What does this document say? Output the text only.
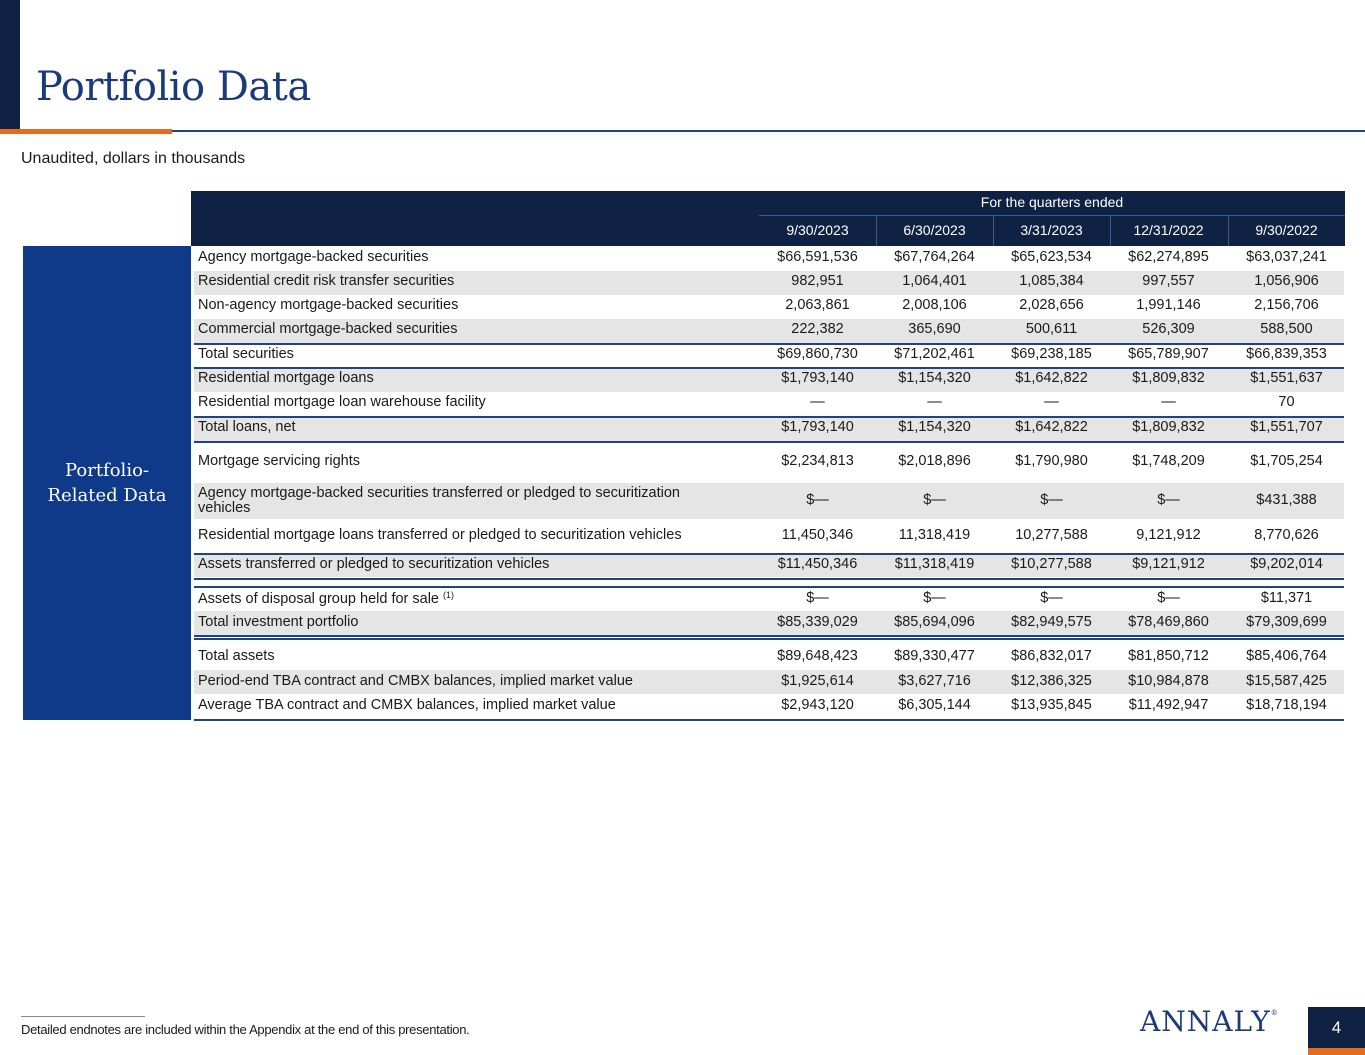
Portfolio Data
Unaudited, dollars in thousands
For the quarters ended
9/30/2023	6/30/2023	3/31/2023	12/31/2022	9/30/2022
Portfolio-Related Data
Agency mortgage-backed securities	$66,591,536	$67,764,264	$65,623,534	$62,274,895	$63,037,241
Residential credit risk transfer securities	982,951	1,064,401	1,085,384	997,557	1,056,906
Non-agency mortgage-backed securities	2,063,861	2,008,106	2,028,656	1,991,146	2,156,706
Commercial mortgage-backed securities	222,382	365,690	500,611	526,309	588,500
Total securities	$69,860,730	$71,202,461	$69,238,185	$65,789,907	$66,839,353
Residential mortgage loans	$1,793,140	$1,154,320	$1,642,822	$1,809,832	$1,551,637
Residential mortgage loan warehouse facility	—	—	—	—	70
Total loans, net	$1,793,140	$1,154,320	$1,642,822	$1,809,832	$1,551,707
Mortgage servicing rights	$2,234,813	$2,018,896	$1,790,980	$1,748,209	$1,705,254
Agency mortgage-backed securities transferred or pledged to securitization vehicles	$—	$—	$—	$—	$431,388
Residential mortgage loans transferred or pledged to securitization vehicles	11,450,346	11,318,419	10,277,588	9,121,912	8,770,626
Assets transferred or pledged to securitization vehicles	$11,450,346	$11,318,419	$10,277,588	$9,121,912	$9,202,014
Assets of disposal group held for sale $^{(1)}$	$—	$—	$—	$—	$11,371
Total investment portfolio	$85,339,029	$85,694,096	$82,949,575	$78,469,860	$79,309,699
Total assets	$89,648,423	$89,330,477	$86,832,017	$81,850,712	$85,406,764
Period-end TBA contract and CMBX balances, implied market value	$1,925,614	$3,627,716	$12,386,325	$10,984,878	$15,587,425
Average TBA contract and CMBX balances, implied market value	$2,943,120	$6,305,144	$13,935,845	$11,492,947	$18,718,194
Detailed endnotes are included within the Appendix at the end of this presentation.	ANNALY®
4
